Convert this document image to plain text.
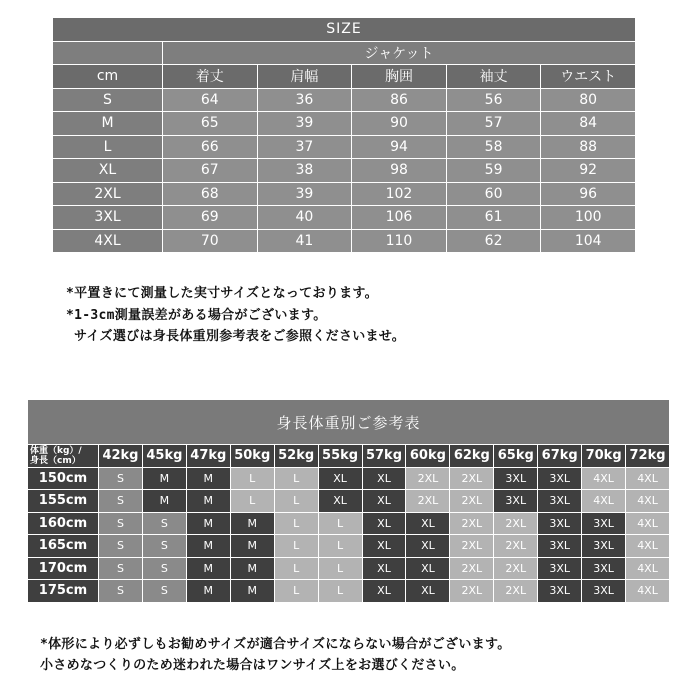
SIZE					
	ジャケット				
cm	着丈	肩幅	胸囲	袖丈	ウエスト
S	64	36	86	56	80
M	65	39	90	57	84
L	66	37	94	58	88
XL	67	38	98	59	92
2XL	68	39	102	60	96
3XL	69	40	106	61	100
4XL	70	41	110	62	104
*平置きにて測量した実寸サイズとなっております。
*1-3cm測量誤差がある場合がございます。
サイズ選びは身長体重別参考表をご参照くださいませ。
身長体重別ご参考表													

体重（kg）/
身長（cm）	42kg	45kg	47kg	50kg	52kg	55kg	57kg	60kg	62kg	65kg	67kg	70kg	72kg
150cm	S	M	M	L	L	XL	XL	2XL	2XL	3XL	3XL	4XL	4XL
155cm	S	M	M	L	L	XL	XL	2XL	2XL	3XL	3XL	4XL	4XL
160cm	S	S	M	M	L	L	XL	XL	2XL	2XL	3XL	3XL	4XL
165cm	S	S	M	M	L	L	XL	XL	2XL	2XL	3XL	3XL	4XL
170cm	S	S	M	M	L	L	XL	XL	2XL	2XL	3XL	3XL	4XL
175cm	S	S	M	M	L	L	XL	XL	2XL	2XL	3XL	3XL	4XL
*体形により必ずしもお勧めサイズが適合サイズにならない場合がございます。
小さめなつくりのため迷われた場合はワンサイズ上をお選びください。
